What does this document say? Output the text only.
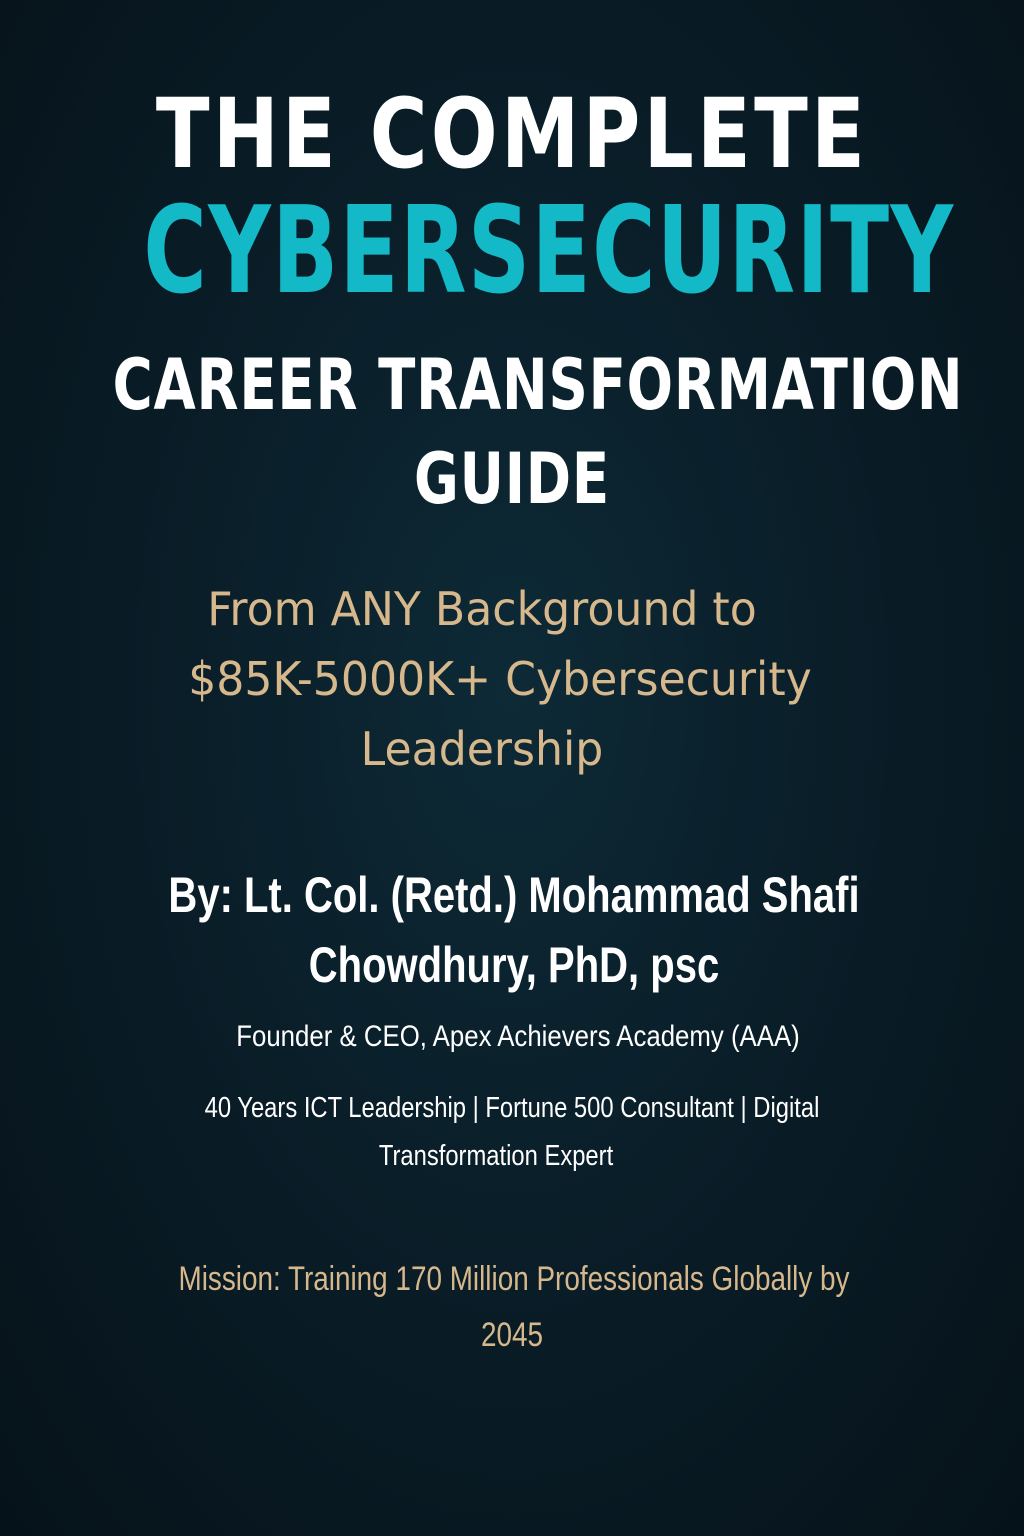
THE COMPLETE
CYBERSECURITY
CAREER TRANSFORMATION
GUIDE
From ANY Background to
$85K-5000K+ Cybersecurity
Leadership
By: Lt. Col. (Retd.) Mohammad Shafi
Chowdhury, PhD, psc
Founder & CEO, Apex Achievers Academy (AAA)
40 Years ICT Leadership | Fortune 500 Consultant | Digital
Transformation Expert
Mission: Training 170 Million Professionals Globally by
2045
